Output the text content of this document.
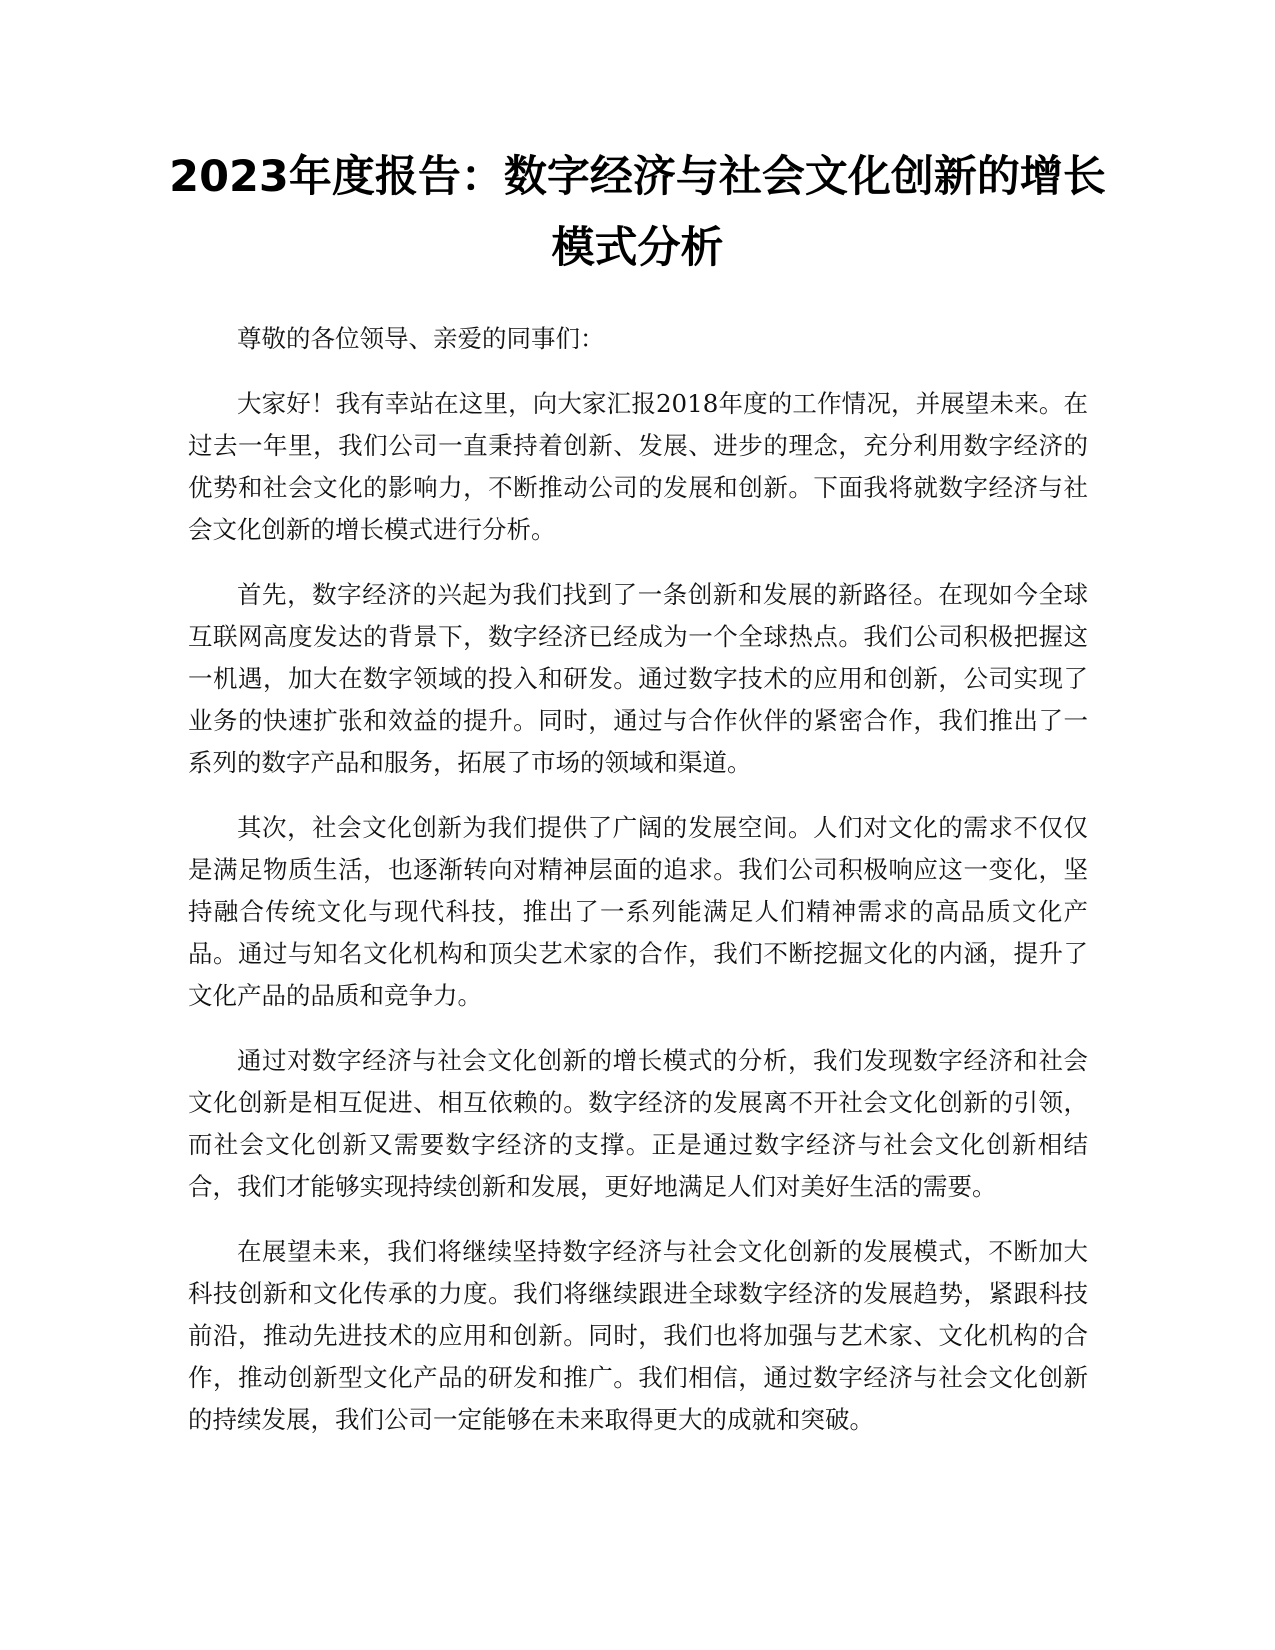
2023年度报告：数字经济与社会文化创新的增长模式分析

尊敬的各位领导、亲爱的同事们：

大家好！我有幸站在这里，向大家汇报2018年度的工作情况，并展望未来。在过去一年里，我们公司一直秉持着创新、发展、进步的理念，充分利用数字经济的优势和社会文化的影响力，不断推动公司的发展和创新。下面我将就数字经济与社会文化创新的增长模式进行分析。

首先，数字经济的兴起为我们找到了一条创新和发展的新路径。在现如今全球互联网高度发达的背景下，数字经济已经成为一个全球热点。我们公司积极把握这一机遇，加大在数字领域的投入和研发。通过数字技术的应用和创新，公司实现了业务的快速扩张和效益的提升。同时，通过与合作伙伴的紧密合作，我们推出了一系列的数字产品和服务，拓展了市场的领域和渠道。

其次，社会文化创新为我们提供了广阔的发展空间。人们对文化的需求不仅仅是满足物质生活，也逐渐转向对精神层面的追求。我们公司积极响应这一变化，坚持融合传统文化与现代科技，推出了一系列能满足人们精神需求的高品质文化产品。通过与知名文化机构和顶尖艺术家的合作，我们不断挖掘文化的内涵，提升了文化产品的品质和竞争力。

通过对数字经济与社会文化创新的增长模式的分析，我们发现数字经济和社会文化创新是相互促进、相互依赖的。数字经济的发展离不开社会文化创新的引领，而社会文化创新又需要数字经济的支撑。正是通过数字经济与社会文化创新相结合，我们才能够实现持续创新和发展，更好地满足人们对美好生活的需要。

在展望未来，我们将继续坚持数字经济与社会文化创新的发展模式，不断加大科技创新和文化传承的力度。我们将继续跟进全球数字经济的发展趋势，紧跟科技前沿，推动先进技术的应用和创新。同时，我们也将加强与艺术家、文化机构的合作，推动创新型文化产品的研发和推广。我们相信，通过数字经济与社会文化创新的持续发展，我们公司一定能够在未来取得更大的成就和突破。
